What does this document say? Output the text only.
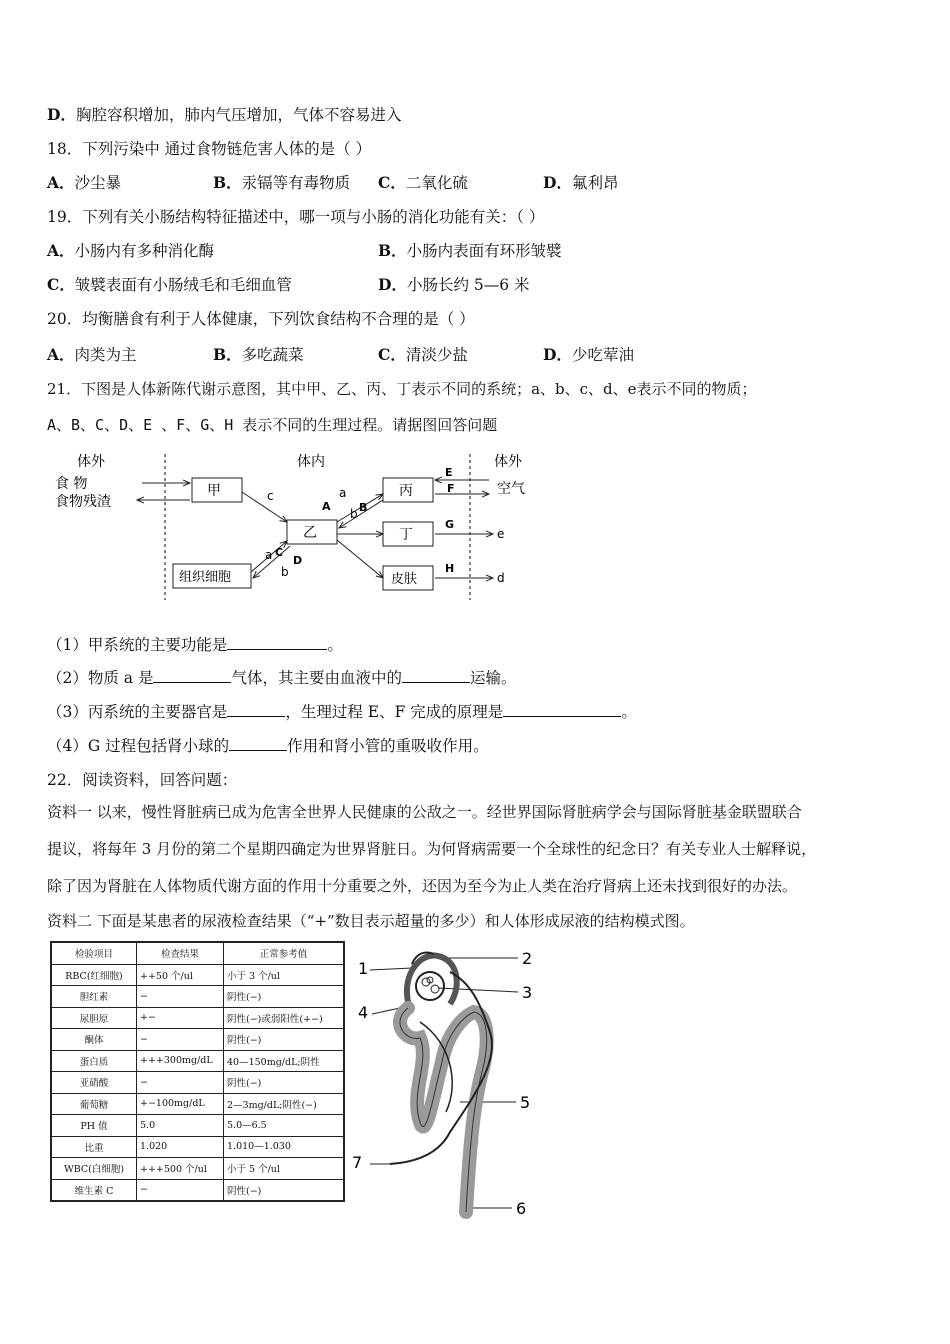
D．胸腔容积增加，肺内气压增加，气体不容易进入
18．下列污染中 通过食物链危害人体的是（ ）
A．沙尘暴	B．汞镉等有毒物质 C．二氧化硫	D．氟利昂
19．下列有关小肠结构特征描述中，哪一项与小肠的消化功能有关：（ ）
A．小肠内有多种消化酶	B．小肠内表面有环形皱襞
C．皱襞表面有小肠绒毛和毛细血管	D．小肠长约 5—6 米
20．均衡膳食有利于人体健康，下列饮食结构不合理的是（ ）
A．肉类为主	B．多吃蔬菜	C．清淡少盐	D．少吃荤油
21．下图是人体新陈代谢示意图，其中甲、乙、丙、丁表示不同的系统；a、b、c、d、e表示不同的物质；
A、B、C、D、E 、F、G、H 表示不同的生理过程。请据图回答问题
体外	体内	体外
食 物
食物残渣
甲
乙
丙
丁
组织细胞	皮肤
c	a
A	B
b
a C
D
b
E
F	空气
G
e
H
d
（1）甲系统的主要功能是	。
（2）物质 a 是	气体，其主要由血液中的	运输。
（3）丙系统的主要器官是	，生理过程 E、F 完成的原理是	。
（4）G 过程包括肾小球的	作用和肾小管的重吸收作用。
22．阅读资料，回答问题：
资料一 以来，慢性肾脏病已成为危害全世界人民健康的公敌之一。经世界国际肾脏病学会与国际肾脏基金联盟联合
提议，将每年 3 月份的第二个星期四确定为世界肾脏日。为何肾病需要一个全球性的纪念日？有关专业人士解释说，
除了因为肾脏在人体物质代谢方面的作用十分重要之外，还因为至今为止人类在治疗肾病上还未找到很好的办法。
资料二 下面是某患者的尿液检查结果（“+”数目表示超量的多少）和人体形成尿液的结构模式图。
检验项目	检查结果	正常参考值
RBC(红细胞)	++50 个/ul	小于 3 个/ul
胆红素	−	阴性(−)
尿胆原	+−	阴性(−)或弱阳性(+−)
酮体	−	阴性(−)
蛋白质	+++300mg/dL	40—150mg/dL;阴性
亚硝酸	−	阴性(−)
葡萄糖	+−100mg/dL	2—3mg/dL;阴性(−)
PH 值	5.0	5.0—6.5
比重	1.020	1.010—1.030
WBC(白细胞)	+++500 个/ul	小于 5 个/ul
维生素 C	−	阴性(−)
1
2
3
4
5
6
7
